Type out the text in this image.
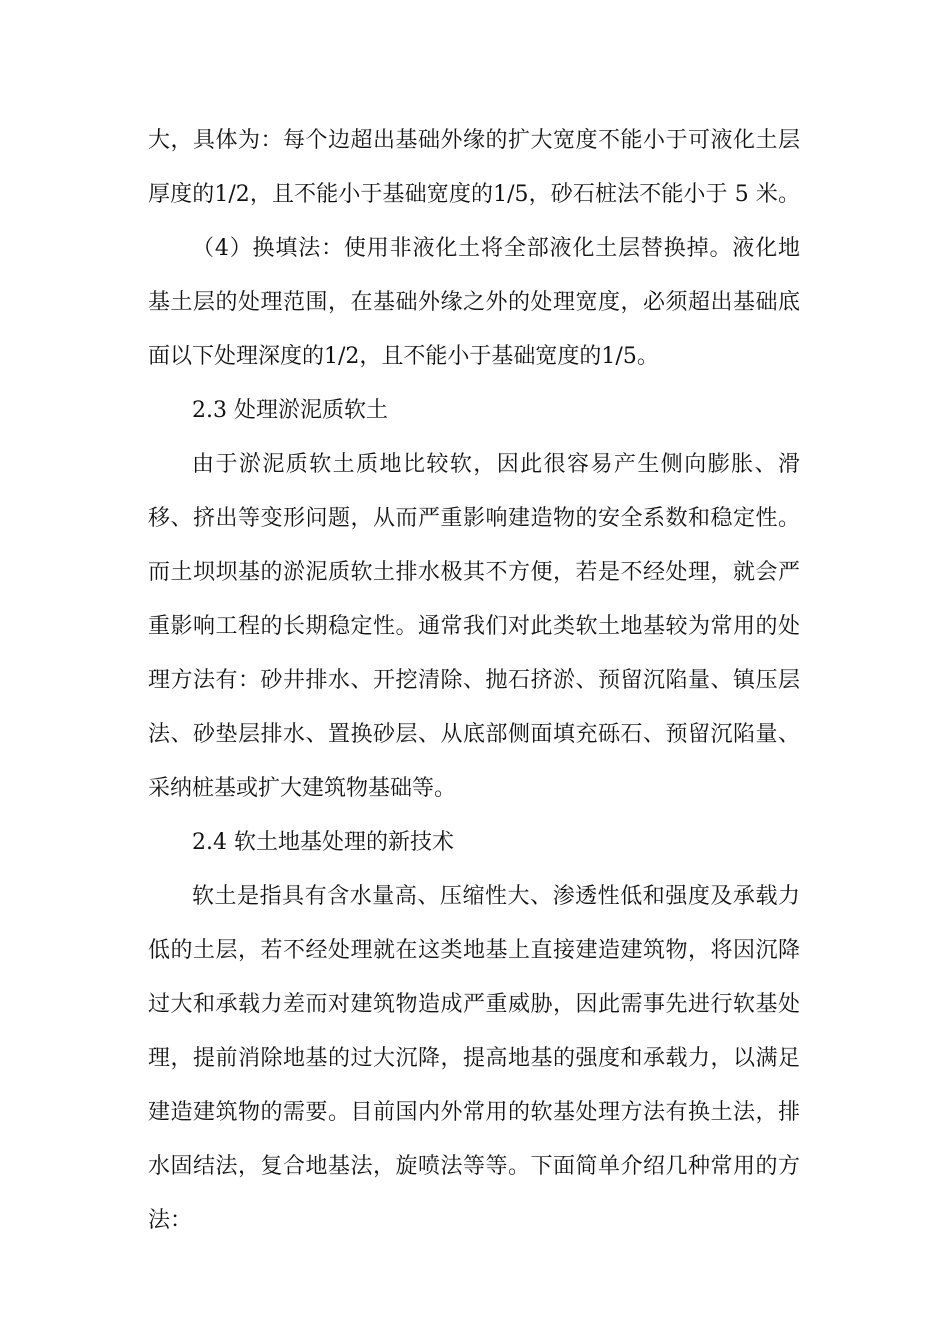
大，具体为：每个边超出基础外缘的扩大宽度不能小于可液化土层
厚度的1/2，且不能小于基础宽度的1/5，砂石桩法不能小于 5 米。
（4）换填法：使用非液化土将全部液化土层替换掉。液化地
基土层的处理范围，在基础外缘之外的处理宽度，必须超出基础底
面以下处理深度的1/2，且不能小于基础宽度的1/5。
2.3 处理淤泥质软土
由于淤泥质软土质地比较软，因此很容易产生侧向膨胀、滑
移、挤出等变形问题，从而严重影响建造物的安全系数和稳定性。
而土坝坝基的淤泥质软土排水极其不方便，若是不经处理，就会严
重影响工程的长期稳定性。通常我们对此类软土地基较为常用的处
理方法有：砂井排水、开挖清除、抛石挤淤、预留沉陷量、镇压层
法、砂垫层排水、置换砂层、从底部侧面填充砾石、预留沉陷量、
采纳桩基或扩大建筑物基础等。
2.4 软土地基处理的新技术
软土是指具有含水量高、压缩性大、渗透性低和强度及承载力
低的土层，若不经处理就在这类地基上直接建造建筑物，将因沉降
过大和承载力差而对建筑物造成严重威胁，因此需事先进行软基处
理，提前消除地基的过大沉降，提高地基的强度和承载力，以满足
建造建筑物的需要。目前国内外常用的软基处理方法有换土法，排
水固结法，复合地基法，旋喷法等等。下面简单介绍几种常用的方
法：
